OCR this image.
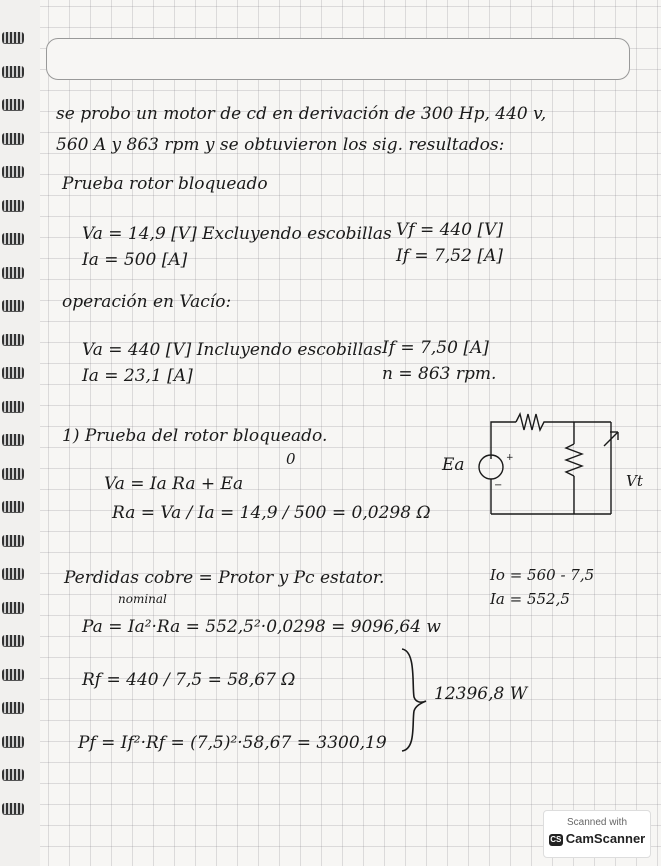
se probo un motor de cd en derivación de 300 Hp, 440 v,
560 A y 863 rpm y se obtuvieron los sig. resultados:
Prueba rotor bloqueado
Va = 14,9 [V] Excluyendo escobillas
Ia = 500 [A]
Vf = 440 [V]
If = 7,52 [A]
operación en Vacío:
Va = 440 [V] Incluyendo escobillas
Ia = 23,1 [A]
If = 7,50 [A]
n = 863 rpm.
1) Prueba del rotor bloqueado.
0
Va = Ia Ra + Ea
Ra = Va / Ia = 14,9 / 500 = 0,0298 Ω
+
−
Ea
Vt
Perdidas cobre = Protor y Pc estator.	Io = 560 - 7,5
Ia = 552,5
nominal
Pa = Ia²·Ra = 552,5²·0,0298 = 9096,64 w
Rf = 440 / 7,5 = 58,67 Ω
Pf = If²·Rf = (7,5)²·58,67 = 3300,19
12396,8 W
Scanned with
CS CamScanner
